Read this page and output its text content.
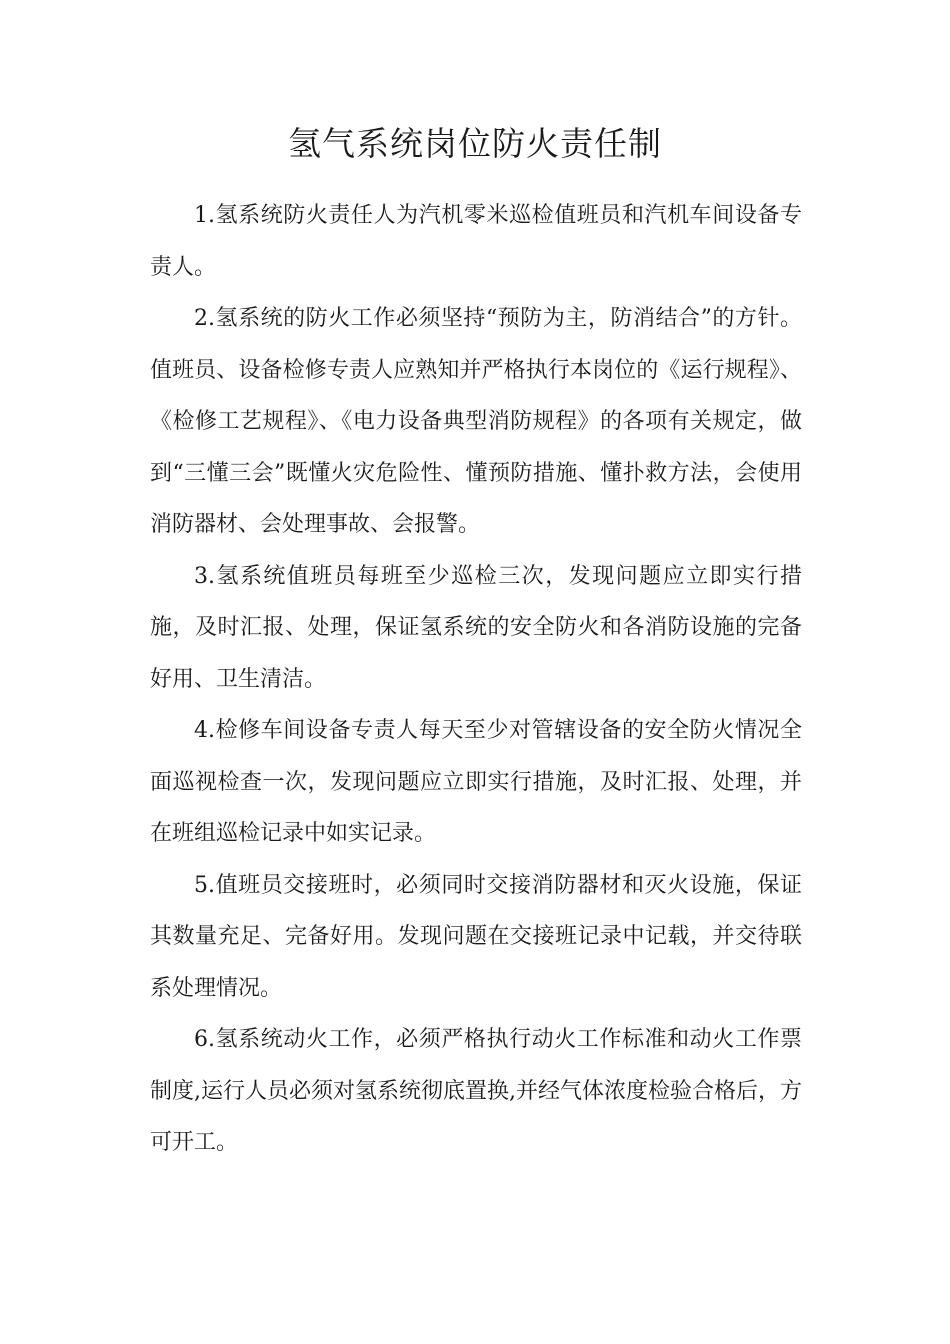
氢气系统岗位防火责任制

1.氢系统防火责任人为汽机零米巡检值班员和汽机车间设备专责人。

2.氢系统的防火工作必须坚持“预防为主，防消结合”的方针。值班员、设备检修专责人应熟知并严格执行本岗位的《运行规程》、《检修工艺规程》、《电力设备典型消防规程》的各项有关规定，做到“三懂三会”既懂火灾危险性、懂预防措施、懂扑救方法，会使用消防器材、会处理事故、会报警。

3.氢系统值班员每班至少巡检三次，发现问题应立即实行措施，及时汇报、处理，保证氢系统的安全防火和各消防设施的完备好用、卫生清洁。

4.检修车间设备专责人每天至少对管辖设备的安全防火情况全面巡视检查一次，发现问题应立即实行措施，及时汇报、处理，并在班组巡检记录中如实记录。

5.值班员交接班时，必须同时交接消防器材和灭火设施，保证其数量充足、完备好用。发现问题在交接班记录中记载，并交待联系处理情况。

6.氢系统动火工作，必须严格执行动火工作标准和动火工作票制度,运行人员必须对氢系统彻底置换,并经气体浓度检验合格后，方可开工。
